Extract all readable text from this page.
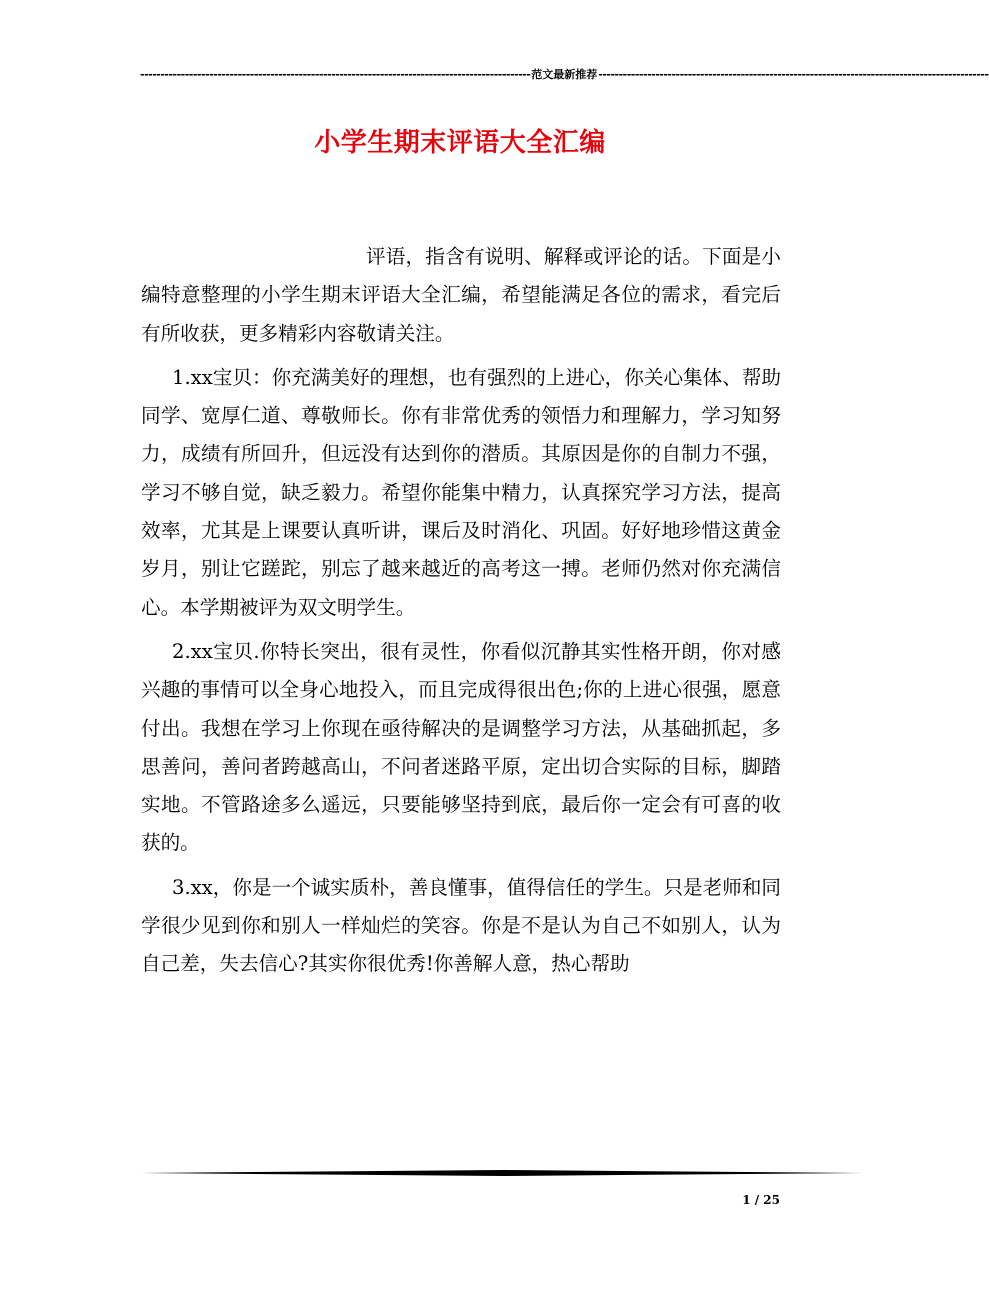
------------------------------------------------------------------------------------------------ 范文最新推荐 ------------------------------------------------------------------------------------------------
小学生期末评语大全汇编

评语，指含有说明、解释或评论的话。下面是小编特意整理的小学生期末评语大全汇编，希望能满足各位的需求，看完后有所收获，更多精彩内容敬请关注。

1.xx宝贝：你充满美好的理想，也有强烈的上进心，你关心集体、帮助同学、宽厚仁道、尊敬师长。你有非常优秀的领悟力和理解力，学习知努力，成绩有所回升，但远没有达到你的潜质。其原因是你的自制力不强，学习不够自觉，缺乏毅力。希望你能集中精力，认真探究学习方法，提高效率，尤其是上课要认真听讲，课后及时消化、巩固。好好地珍惜这黄金岁月，别让它蹉跎，别忘了越来越近的高考这一搏。老师仍然对你充满信心。本学期被评为双文明学生。

2.xx宝贝.你特长突出，很有灵性，你看似沉静其实性格开朗，你对感兴趣的事情可以全身心地投入，而且完成得很出色;你的上进心很强，愿意付出。我想在学习上你现在亟待解决的是调整学习方法，从基础抓起，多思善问，善问者跨越高山，不问者迷路平原，定出切合实际的目标，脚踏实地。不管路途多么遥远，只要能够坚持到底，最后你一定会有可喜的收获的。

3.xx，你是一个诚实质朴，善良懂事，值得信任的学生。只是老师和同学很少见到你和别人一样灿烂的笑容。你是不是认为自己不如别人，认为自己差，失去信心?其实你很优秀!你善解人意，热心帮助

1 / 25
